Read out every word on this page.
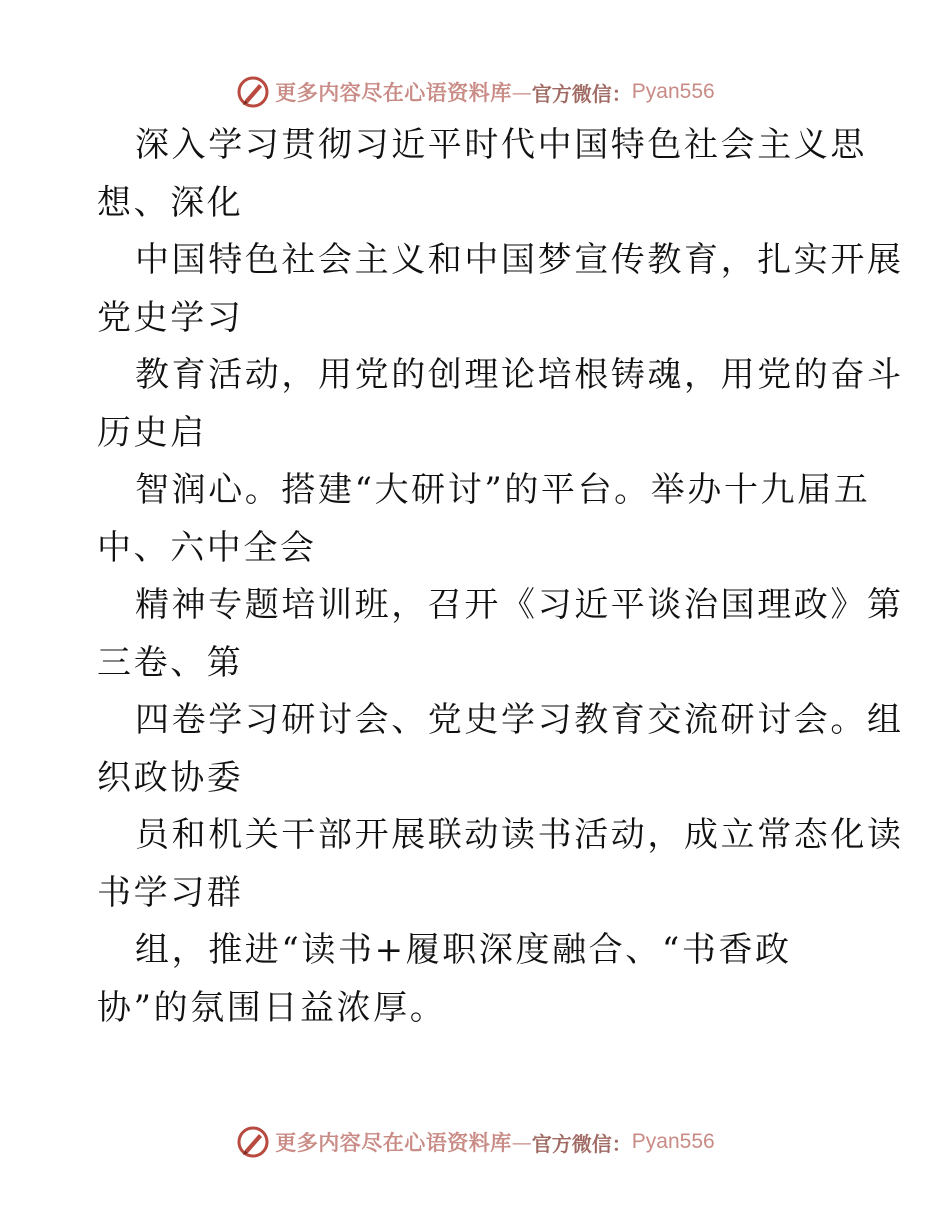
更多内容尽在心语资料库 — 官方微信： Pyan556
深入学习贯彻习近平时代中国特色社会主义思
想、深化
中国特色社会主义和中国梦宣传教育，扎实开展
党史学习
教育活动，用党的创理论培根铸魂，用党的奋斗
历史启
智润心。搭建“大研讨”的平台。举办十九届五
中、六中全会
精神专题培训班，召开《习近平谈治国理政》第
三卷、第
四卷学习研讨会、党史学习教育交流研讨会。组
织政协委
员和机关干部开展联动读书活动，成立常态化读
书学习群
组，推进“读书+履职深度融合、“书香政
协”的氛围日益浓厚。
更多内容尽在心语资料库 — 官方微信： Pyan556
